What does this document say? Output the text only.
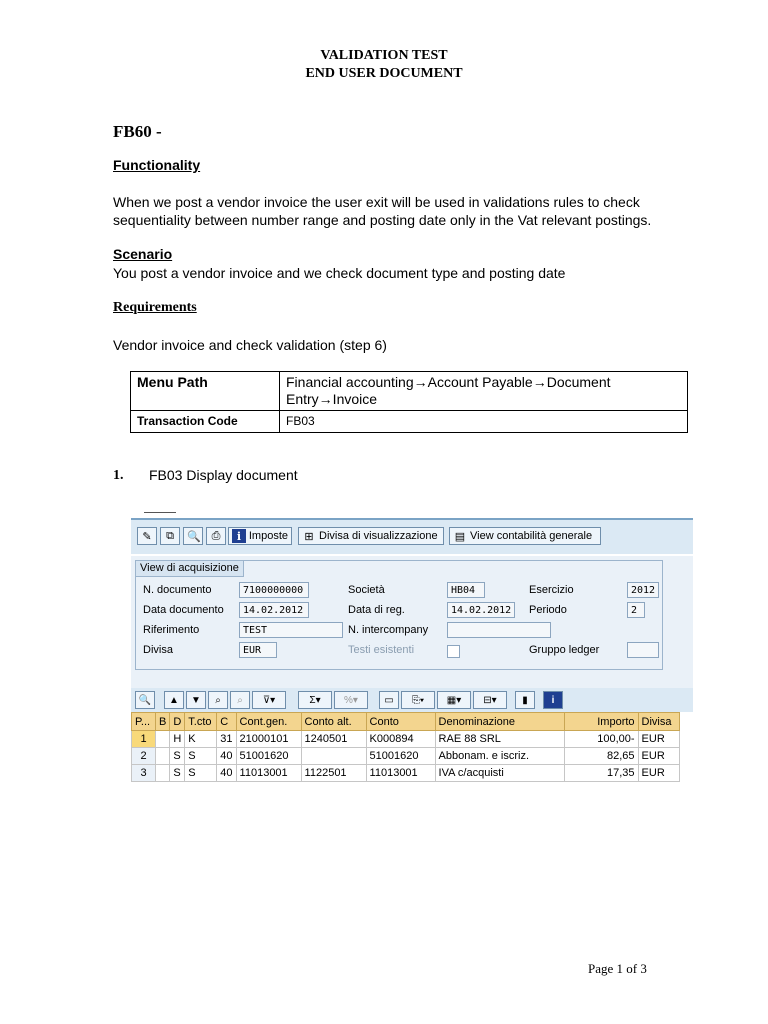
VALIDATION TEST
END USER DOCUMENT
FB60 -
Functionality

When we post a vendor invoice the user exit will be used in validations rules to check

sequentiality between number range and posting date only in the Vat relevant postings.

Scenario

You post a vendor invoice and we check document type and posting date

Requirements

Vendor invoice and check validation (step 6)

Menu Path	Financial accounting→Account Payable→Document
Entry→Invoice

Transaction Code	FB03
1. FB03 Display document
✎ ⧉ 🔍 ⎙	i Imposte ⊞ Divisa di visualizzazione ▤ View contabilità generale
View di acquisizione
N. documento	7100000000	Società	HB04	Esercizio	2012
Data documento	14.02.2012	Data di reg.	14.02.2012	Periodo	2
Riferimento	TEST	N. intercompany
Divisa	EUR	Testi esistenti	Gruppo ledger
🔍	▲	▼	⌕	⌕	⊽▾	Σ▾	%▾	▭	⎘▾	▦▾	⊟▾	▮	i
P...	B	D	T.cto	C	Cont.gen.	Conto alt.	Conto	Denominazione	Importo	Divisa
1		H	K	31	21000101	1240501	K000894	RAE 88 SRL	100,00-	EUR
2		S	S	40	51001620		51001620	Abbonam. e iscriz.	82,65	EUR
3		S	S	40	11013001	1122501	11013001	IVA c/acquisti	17,35	EUR
Page 1 of 3
